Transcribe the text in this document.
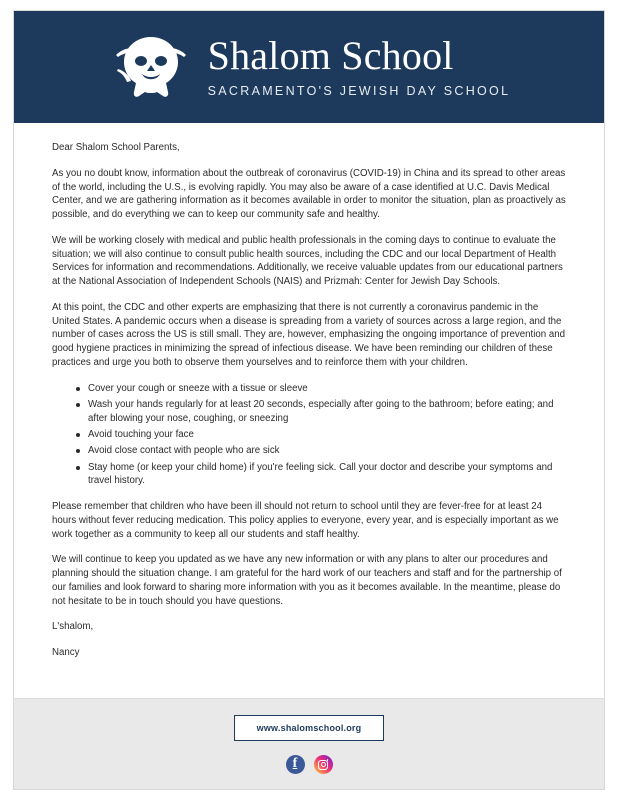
Shalom School
SACRAMENTO'S JEWISH DAY SCHOOL

Dear Shalom School Parents,

As you no doubt know, information about the outbreak of coronavirus (COVID-19) in China and its spread to other areas of the world, including the U.S., is evolving rapidly. You may also be aware of a case identified at U.C. Davis Medical Center, and we are gathering information as it becomes available in order to monitor the situation, plan as proactively as possible, and do everything we can to keep our community safe and healthy.

We will be working closely with medical and public health professionals in the coming days to continue to evaluate the situation; we will also continue to consult public health sources, including the CDC and our local Department of Health Services for information and recommendations. Additionally, we receive valuable updates from our educational partners at the National Association of Independent Schools (NAIS) and Prizmah: Center for Jewish Day Schools.

At this point, the CDC and other experts are emphasizing that there is not currently a coronavirus pandemic in the United States. A pandemic occurs when a disease is spreading from a variety of sources across a large region, and the number of cases across the US is still small. They are, however, emphasizing the ongoing importance of prevention and good hygiene practices in minimizing the spread of infectious disease. We have been reminding our children of these practices and urge you both to observe them yourselves and to reinforce them with your children.

Cover your cough or sneeze with a tissue or sleeve
Wash your hands regularly for at least 20 seconds, especially after going to the bathroom; before eating; and after blowing your nose, coughing, or sneezing
Avoid touching your face
Avoid close contact with people who are sick
Stay home (or keep your child home) if you're feeling sick. Call your doctor and describe your symptoms and travel history.

Please remember that children who have been ill should not return to school until they are fever-free for at least 24 hours without fever reducing medication. This policy applies to everyone, every year, and is especially important as we work together as a community to keep all our students and staff healthy.

We will continue to keep you updated as we have any new information or with any plans to alter our procedures and planning should the situation change. I am grateful for the hard work of our teachers and staff and for the partnership of our families and look forward to sharing more information with you as it becomes available. In the meantime, please do not hesitate to be in touch should you have questions.

L'shalom,

Nancy

www.shalomschool.org
f
